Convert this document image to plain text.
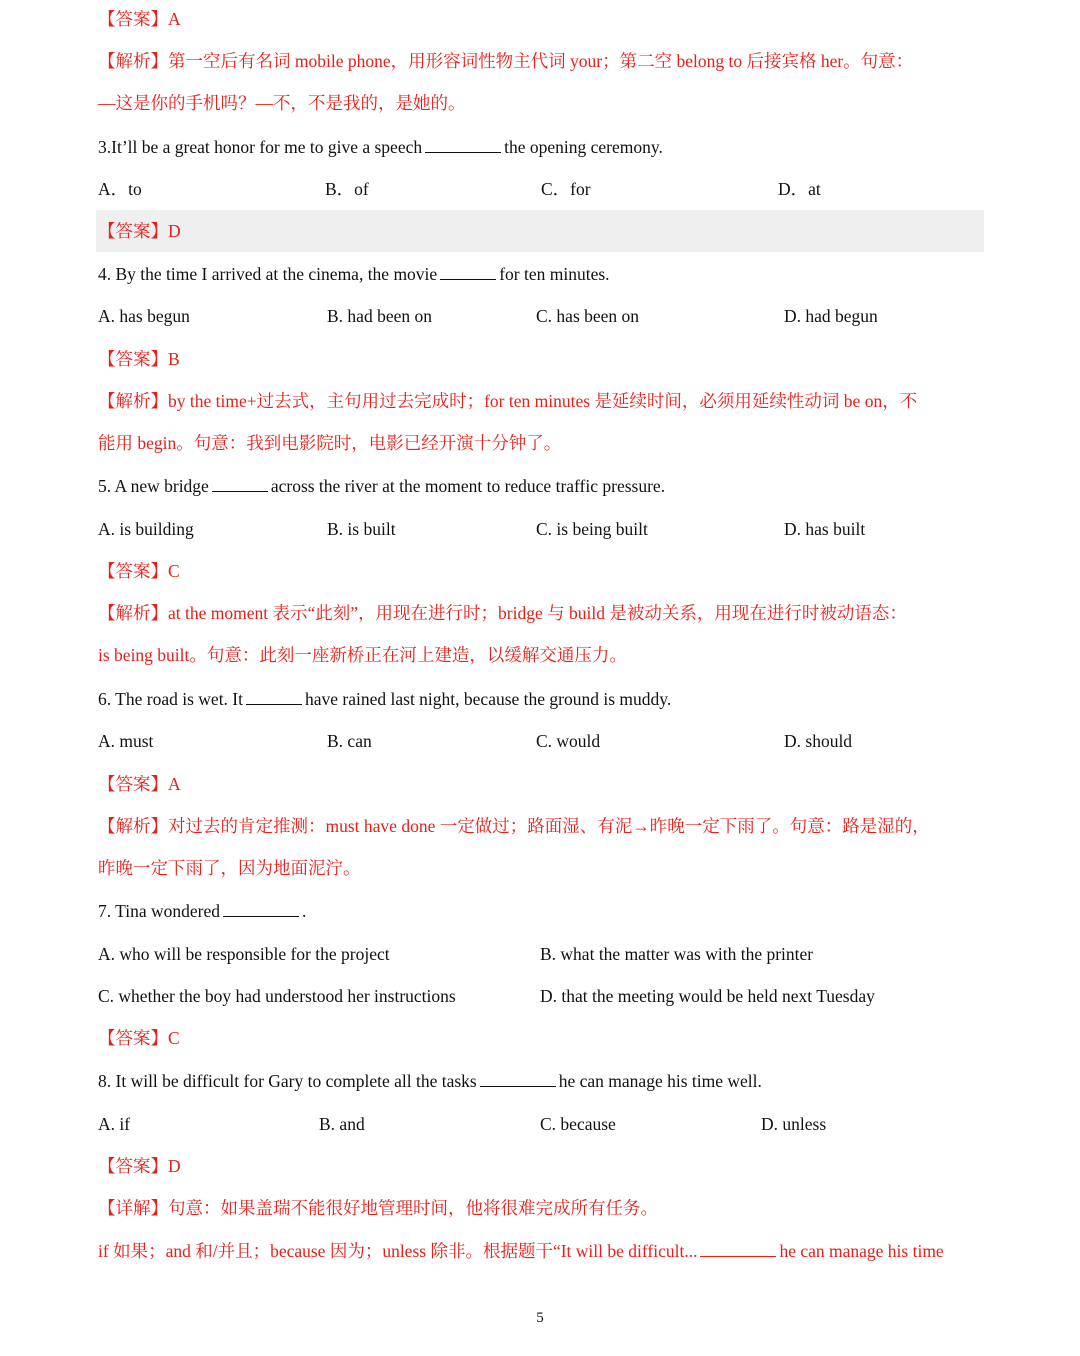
【答案】A
【解析】第一空后有名词 mobile phone，用形容词性物主代词 your；第二空 belong to 后接宾格 her。句意：
—这是你的手机吗？—不，不是我的，是她的。
3.It’ll be a great honor for me to give a speech	the opening ceremony.
A．to	B．of	C．for	D．at
【答案】D
4. By the time I arrived at the cinema, the movie	for ten minutes.
A. has begun	B. had been on	C. has been on	D. had begun
【答案】B
【解析】by the time+过去式，主句用过去完成时；for ten minutes 是延续时间，必须用延续性动词 be on，不
能用 begin。句意：我到电影院时，电影已经开演十分钟了。
5. A new bridge	across the river at the moment to reduce traffic pressure.
A. is building	B. is built	C. is being built	D. has built
【答案】C
【解析】at the moment 表示“此刻”，用现在进行时；bridge 与 build 是被动关系，用现在进行时被动语态：
is being built。句意：此刻一座新桥正在河上建造，以缓解交通压力。
6. The road is wet. It	have rained last night, because the ground is muddy.
A. must	B. can	C. would	D. should
【答案】A
【解析】对过去的肯定推测：must have done 一定做过；路面湿、有泥→昨晚一定下雨了。句意：路是湿的，
昨晚一定下雨了，因为地面泥泞。
7. Tina wondered	.
A. who will be responsible for the project	B. what the matter was with the printer
C. whether the boy had understood her instructions	D. that the meeting would be held next Tuesday
【答案】C
8. It will be difficult for Gary to complete all the tasks	he can manage his time well.
A. if	B. and	C. because	D. unless
【答案】D
【详解】句意：如果盖瑞不能很好地管理时间，他将很难完成所有任务。
if 如果；and 和/并且；because 因为；unless 除非。根据题干“It will be difficult...	he can manage his time
5
